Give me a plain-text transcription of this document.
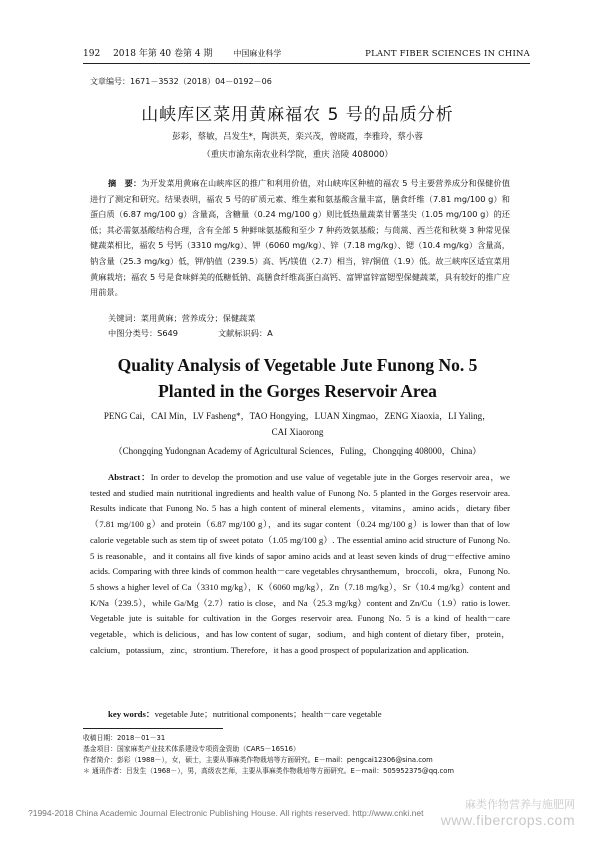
192 2018 年第 40 卷第 4 期	中国麻业科学	PLANT FIBER SCIENCES IN CHINA
文章编号：1671－3532（2018）04－0192－06
山峡库区菜用黄麻福农 5 号的品质分析
彭彩，蔡敏，吕发生*，陶洪英，栾兴茂，曾晓霞，李雅玲，蔡小蓉
（重庆市渝东南农业科学院，重庆 涪陵 408000）

摘　要：为开发菜用黄麻在山峡库区的推广和利用价值，对山峡库区种植的福农 5 号主要营养成分和保健价值进行了测定和研究。结果表明，福农 5 号的矿质元素、维生素和氨基酸含量丰富，膳食纤维（7.81 mg/100 g）和蛋白质（6.87 mg/100 g）含量高，含糖量（0.24 mg/100 g）则比低热量蔬菜甘薯茎尖（1.05 mg/100 g）的还低；其必需氨基酸结构合理，含有全部 5 种鲜味氨基酸和至少 7 种药效氨基酸；与茼蒿、西兰花和秋葵 3 种常见保健蔬菜相比，福农 5 号钙（3310 mg/kg）、钾（6060 mg/kg）、锌（7.18 mg/kg）、锶（10.4 mg/kg）含量高，钠含量（25.3 mg/kg）低，钾/钠值（239.5）高、钙/镁值（2.7）相当，锌/铜值（1.9）低。故三峡库区适宜菜用黄麻栽培；福农 5 号是食味鲜美的低糖低钠、高膳食纤维高蛋白高钙、富钾富锌富锶型保健蔬菜，具有较好的推广应用前景。

关键词：菜用黄麻；营养成分；保健蔬菜
中图分类号：S649	文献标识码：A
Quality Analysis of Vegetable Jute Funong No. 5
Planted in the Gorges Reservoir Area
PENG Cai，CAI Min，LV Fasheng*，TAO Hongying，LUAN Xingmao，ZENG Xiaoxia，LI Yaling，CAI Xiaorong
（Chongqing Yudongnan Academy of Agricultural Sciences，Fuling，Chongqing 408000，China）

Abstract：In order to develop the promotion and use value of vegetable jute in the Gorges reservoir area，we tested and studied main nutritional ingredients and health value of Funong No. 5 planted in the Gorges reservoir area. Results indicate that Funong No. 5 has a high content of mineral elements，vitamins，amino acids，dietary fiber（7.81 mg/100 g）and protein（6.87 mg/100 g），and its sugar content（0.24 mg/100 g）is lower than that of low calorie vegetable such as stem tip of sweet potato（1.05 mg/100 g）. The essential amino acid structure of Funong No. 5 is reasonable，and it contains all five kinds of sapor amino acids and at least seven kinds of drug－effective amino acids. Comparing with three kinds of common health－care vegetables chrysanthemum，broccoli，okra，Funong No. 5 shows a higher level of Ca（3310 mg/kg），K（6060 mg/kg），Zn（7.18 mg/kg），Sr（10.4 mg/kg）content and K/Na（239.5），while Ga/Mg（2.7）ratio is close，and Na（25.3 mg/kg）content and Zn/Cu（1.9）ratio is lower. Vegetable jute is suitable for cultivation in the Gorges reservoir area. Funong No. 5 is a kind of health－care vegetable，which is delicious，and has low content of sugar，sodium，and high content of dietary fiber，protein，calcium，potassium，zinc，strontium. Therefore，it has a good prospect of popularization and application.

key words：vegetable Jute；nutritional components；health－care vegetable
收稿日期：2018－01－31
基金项目：国家麻类产业技术体系建设专项资金资助（CARS－16S16）
作者简介：彭彩（1988－），女，硕士，主要从事麻类作物栽培等方面研究。E－mail：pengcai12306@sina.com
＊ 通讯作者：吕发生（1968－），男，高级农艺师，主要从事麻类作物栽培等方面研究。E－mail：505952375@qq.com
?1994-2018 China Academic Journal Electronic Publishing House. All rights reserved. http://www.cnki.net
麻类作物营养与施肥网
www.fibercrops.com
